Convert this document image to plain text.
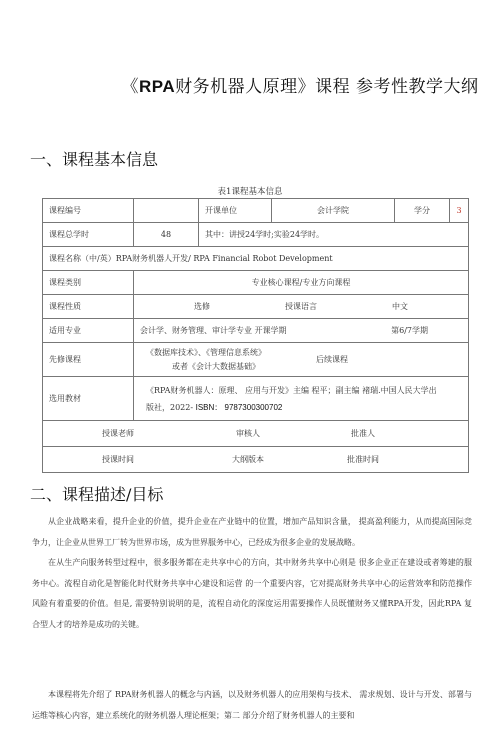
《RPA财务机器人原理》课程 参考性教学大纲
一、课程基本信息
表1课程基本信息
课程编号		开课单位	会计学院	学分	3
课程总学时	48	其中：讲授24学时;实验24学时。			
课程名称（中/英）RPA财务机器人开发/ RPA Financial Robot Development					
课程类别	专业核心课程/专业方向课程				
课程性质	选修 授课语言 中文				

适用专业	会计学、财务管理、审计学专业 开课学期 第6/7学期				

先修课程	《数据库技术》、《管理信息系统》
或者《会计大数据基础》
后续课程				

选用教材	《RPA财务机器人：原理、 应用与开发》主编 程平；副主编 褚瑞.中国人民大学出
版社，2022- ISBN： 9787300300702				

授课老师 审核人 批准人					

授课时间 大纲版本 批准时间					
二、课程描述/目标

从企业战略来看，提升企业的价值，提升企业在产业链中的位置，增加产品知识含量， 提高盈利能力，从而提高国际竞争力，让企业从世界工厂转为世界市场，成为世界服务中心，已经成为很多企业的发展战略。

在从生产向服务转型过程中，很多服务都在走共享中心的方向，其中财务共享中心则是 很多企业正在建设或者筹建的服务中心。流程自动化是智能化时代财务共享中心建设和运营 的一个重要内容，它对提高财务共享中心的运营效率和防范操作风险有着重要的价值。但是, 需要特别说明的是，流程自动化的深度运用需要操作人员既懂财务又懂RPA开发，因此RPA 复合型人才的培养是成功的关键。

本课程将先介绍了 RPA财务机器人的概念与内涵，以及财务机器人的应用架构与技术、 需求规划、设计与开发、部署与运维等核心内容，建立系统化的财务机器人理论框架；第二 部分介绍了财务机器人的主要和
